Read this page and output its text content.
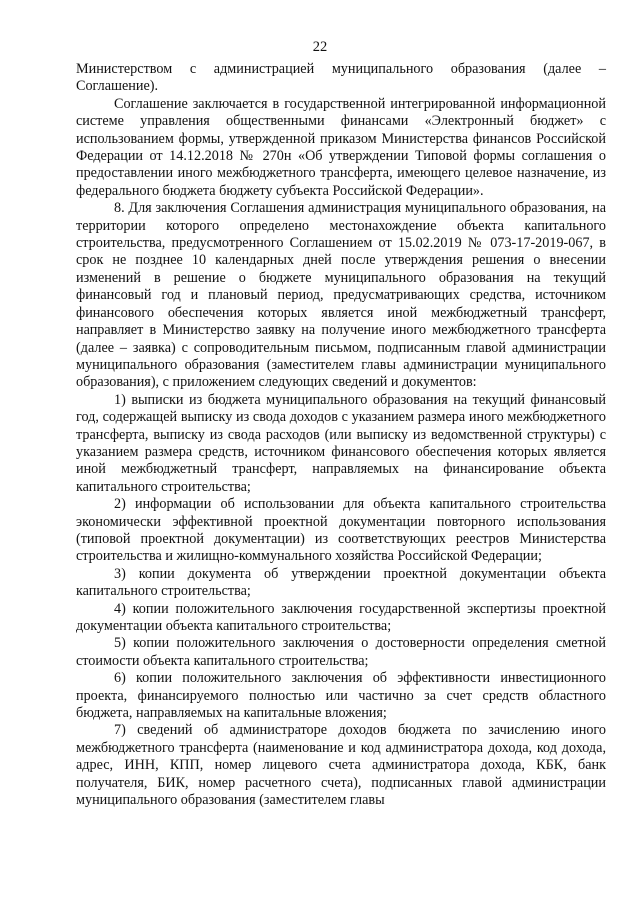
22

Министерством с администрацией муниципального образования (далее – Соглашение).

Соглашение заключается в государственной интегрированной информационной системе управления общественными финансами «Электронный бюджет» с использованием формы, утвержденной приказом Министерства финансов Российской Федерации от 14.12.2018 № 270н «Об утверждении Типовой формы соглашения о предоставлении иного межбюджетного трансферта, имеющего целевое назначение, из федерального бюджета бюджету субъекта Российской Федерации».

8. Для заключения Соглашения администрация муниципального образования, на территории которого определено местонахождение объекта капитального строительства, предусмотренного Соглашением от 15.02.2019 № 073-17-2019-067, в срок не позднее 10 календарных дней после утверждения решения о внесении изменений в решение о бюджете муниципального образования на текущий финансовый год и плановый период, предусматривающих средства, источником финансового обеспечения которых является иной межбюджетный трансферт, направляет в Министерство заявку на получение иного межбюджетного трансферта (далее – заявка) с сопроводительным письмом, подписанным главой администрации муниципального образования (заместителем главы администрации муниципального образования), с приложением следующих сведений и документов:

1) выписки из бюджета муниципального образования на текущий финансовый год, содержащей выписку из свода доходов с указанием размера иного межбюджетного трансферта, выписку из свода расходов (или выписку из ведомственной структуры) с указанием размера средств, источником финансового обеспечения которых является иной межбюджетный трансферт, направляемых на финансирование объекта капитального строительства;

2) информации об использовании для объекта капитального строительства экономически эффективной проектной документации повторного использования (типовой проектной документации) из соответствующих реестров Министерства строительства и жилищно-коммунального хозяйства Российской Федерации;

3) копии документа об утверждении проектной документации объекта капитального строительства;

4) копии положительного заключения государственной экспертизы проектной документации объекта капитального строительства;

5) копии положительного заключения о достоверности определения сметной стоимости объекта капитального строительства;

6) копии положительного заключения об эффективности инвестиционного проекта, финансируемого полностью или частично за счет средств областного бюджета, направляемых на капитальные вложения;

7) сведений об администраторе доходов бюджета по зачислению иного межбюджетного трансферта (наименование и код администратора дохода, код дохода, адрес, ИНН, КПП, номер лицевого счета администратора дохода, КБК, банк получателя, БИК, номер расчетного счета), подписанных главой администрации муниципального образования (заместителем главы
